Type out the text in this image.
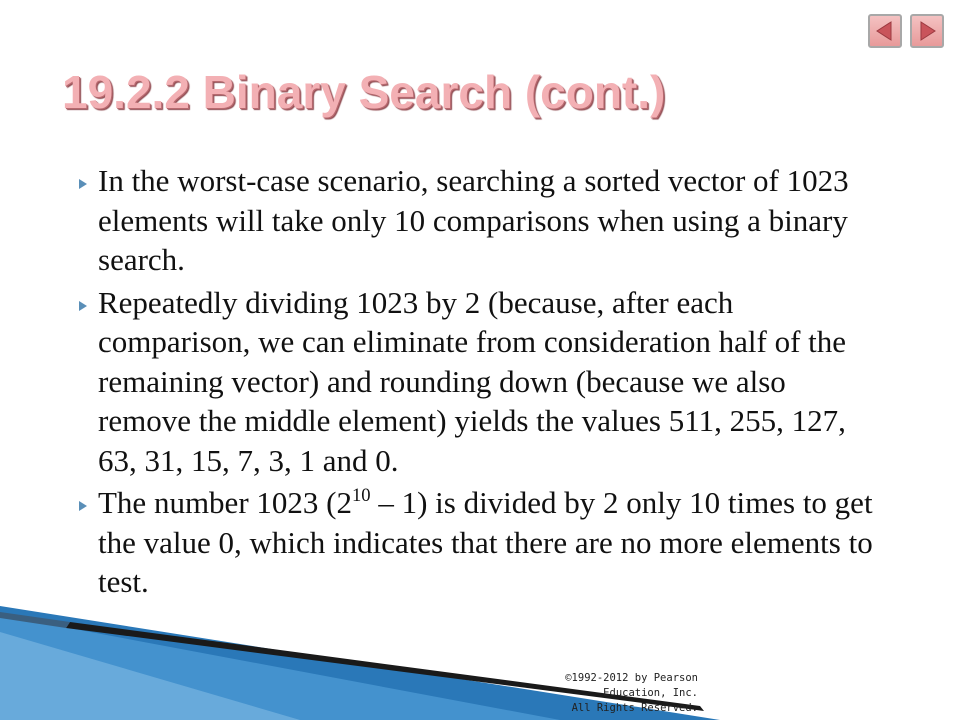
19.2.2 Binary Search (cont.)
In the worst-case scenario, searching a sorted vector of 1023 elements will take only 10 comparisons when using a binary search.
Repeatedly dividing 1023 by 2 (because, after each comparison, we can eliminate from consideration half of the remaining vector) and rounding down (because we also remove the middle element) yields the values 511, 255, 127, 63, 31, 15, 7, 3, 1 and 0.
The number 1023 $(2^{10} - 1)$ is divided by 2 only 10 times to get the value 0, which indicates that there are no more elements to test.
©1992-2012 by Pearson Education, Inc.
All Rights Reserved.
